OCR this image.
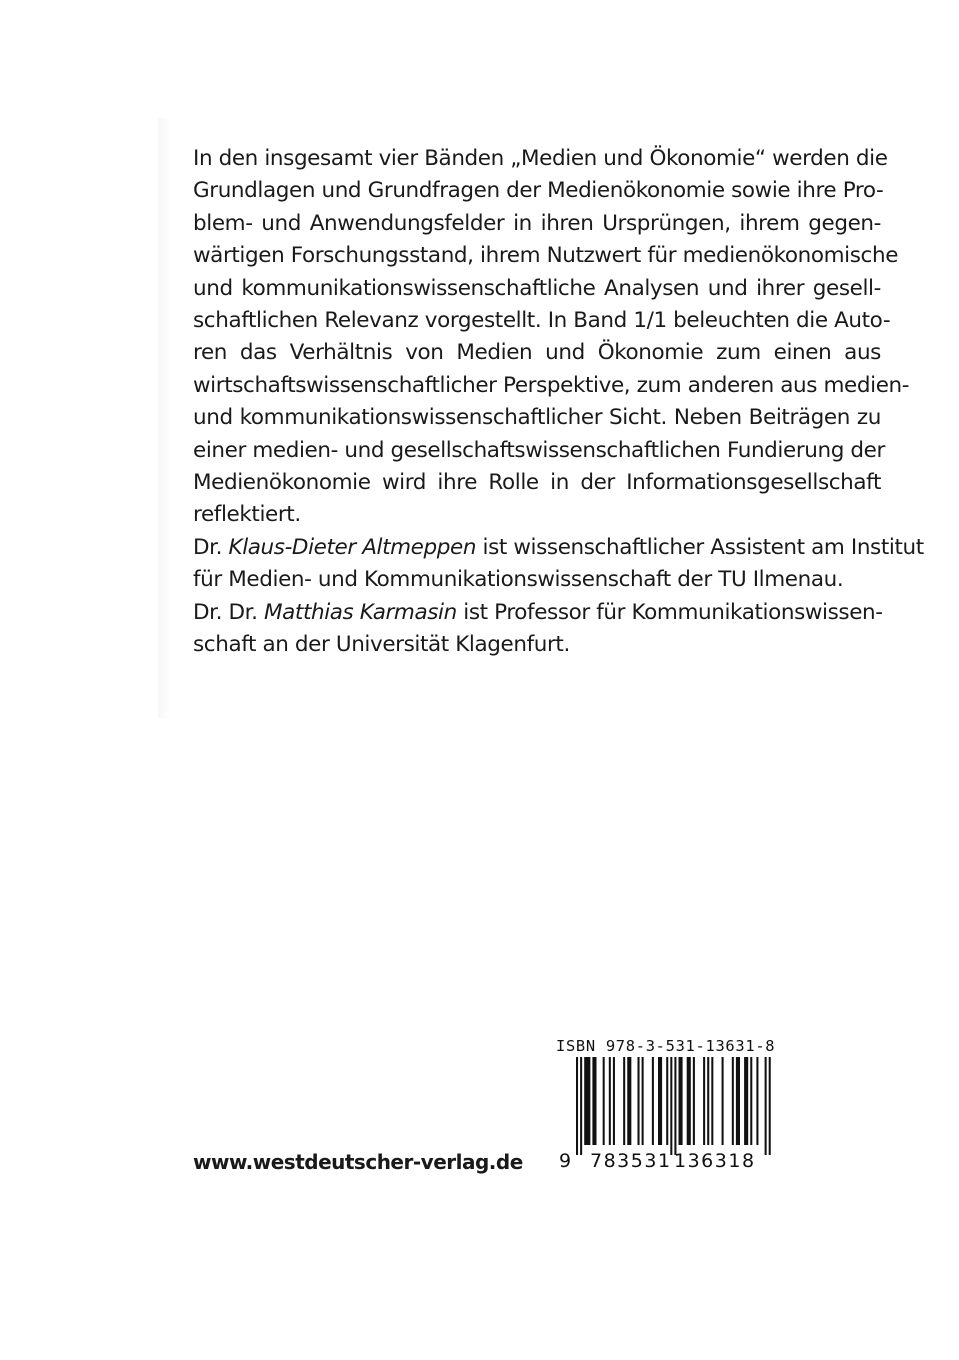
In den insgesamt vier Bänden „Medien und Ökonomie“ werden die
Grundlagen und Grundfragen der Medienökonomie sowie ihre Pro-
blem- und Anwendungsfelder in ihren Ursprüngen, ihrem gegen-
wärtigen Forschungsstand, ihrem Nutzwert für medienökonomische
und kommunikationswissenschaftliche Analysen und ihrer gesell-
schaftlichen Relevanz vorgestellt. In Band 1/1 beleuchten die Auto-
ren das Verhältnis von Medien und Ökonomie zum einen aus
wirtschaftswissenschaftlicher Perspektive, zum anderen aus medien-
und kommunikationswissenschaftlicher Sicht. Neben Beiträgen zu
einer medien- und gesellschaftswissenschaftlichen Fundierung der
Medienökonomie wird ihre Rolle in der Informationsgesellschaft
reflektiert.

Dr. Klaus-Dieter Altmeppen ist wissenschaftlicher Assistent am Institut
für Medien- und Kommunikationswissenschaft der TU Ilmenau.

Dr. Dr. Matthias Karmasin ist Professor für Kommunikationswissen-
schaft an der Universität Klagenfurt.

www.westdeutscher-verlag.de
ISBN 978-3-531-13631-8
9 783531 136318
